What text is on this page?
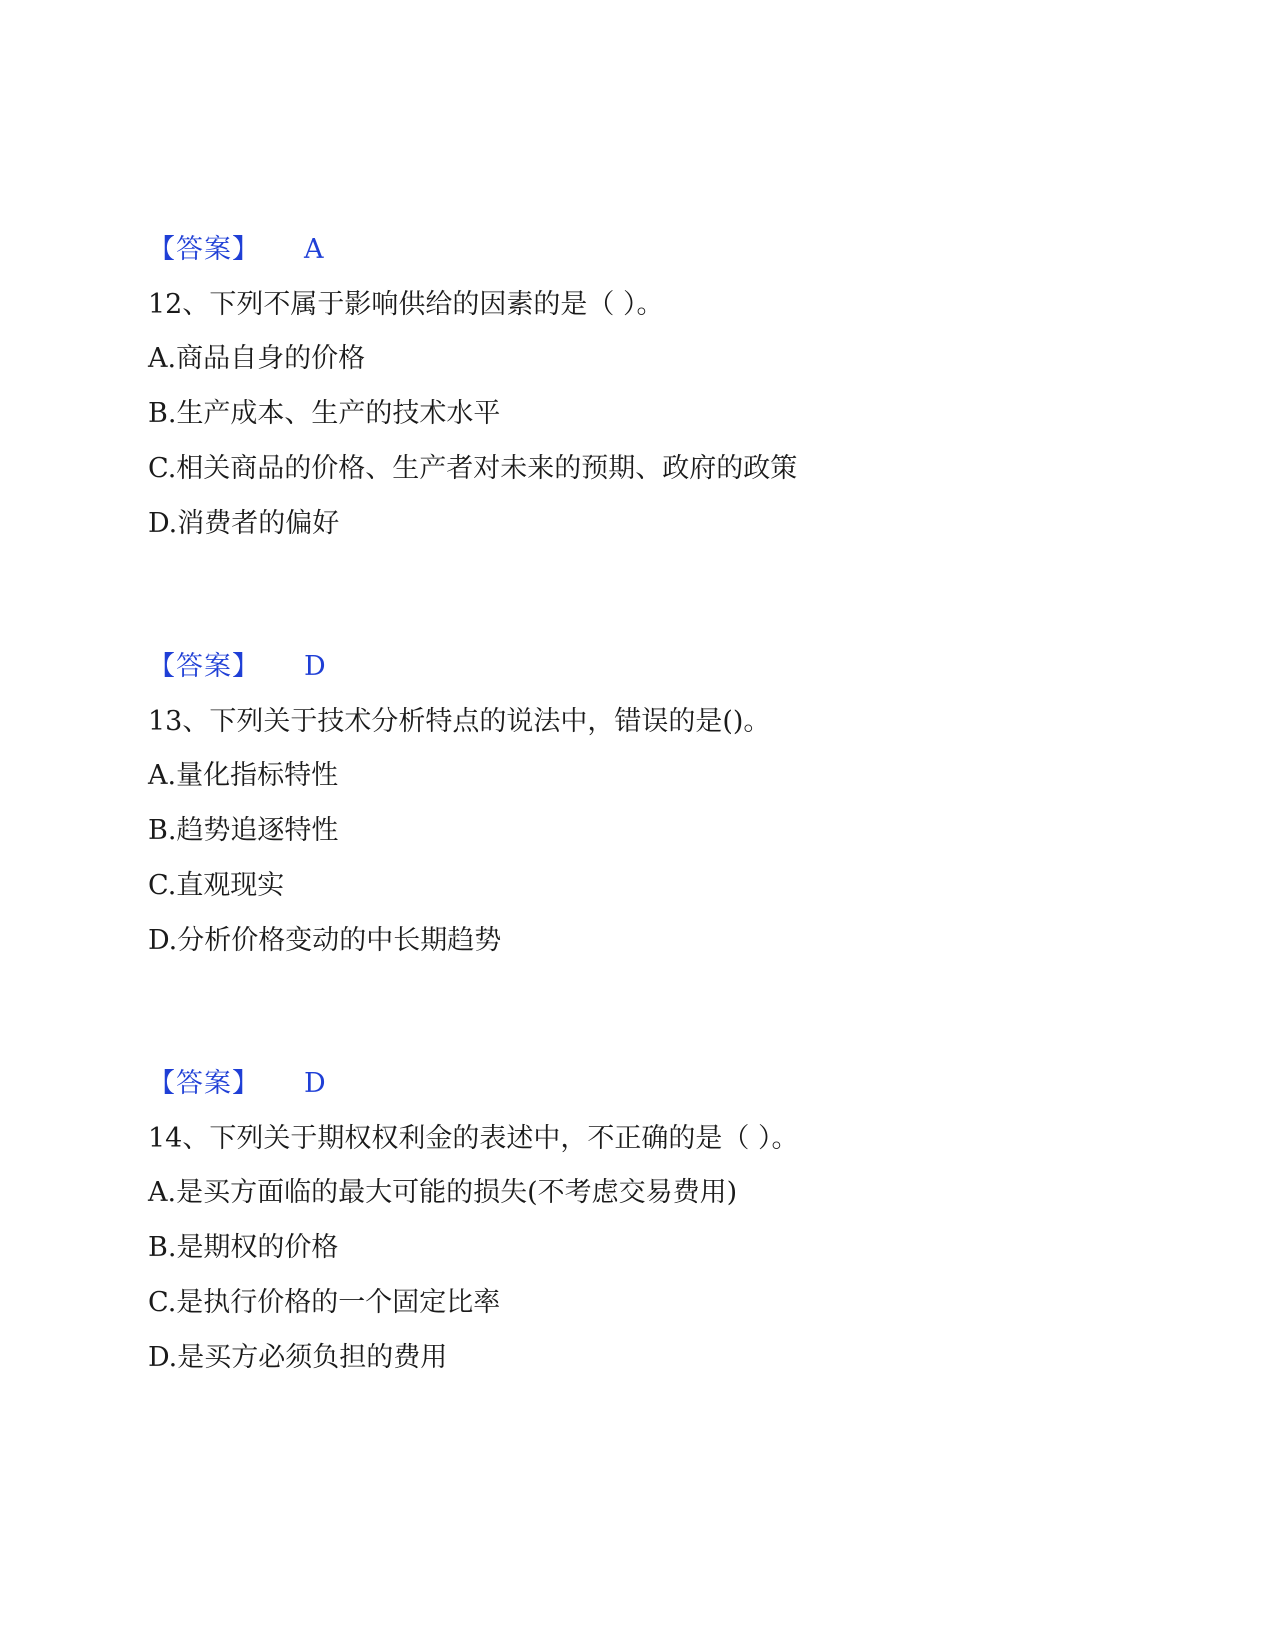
【答案】 A
12、下列不属于影响供给的因素的是（ ）。
A.商品自身的价格
B.生产成本、生产的技术水平
C.相关商品的价格、生产者对未来的预期、政府的政策
D.消费者的偏好
【答案】 D
13、下列关于技术分析特点的说法中，错误的是()。
A.量化指标特性
B.趋势追逐特性
C.直观现实
D.分析价格变动的中长期趋势
【答案】 D
14、下列关于期权权利金的表述中，不正确的是（ ）。
A.是买方面临的最大可能的损失(不考虑交易费用)
B.是期权的价格
C.是执行价格的一个固定比率
D.是买方必须负担的费用
